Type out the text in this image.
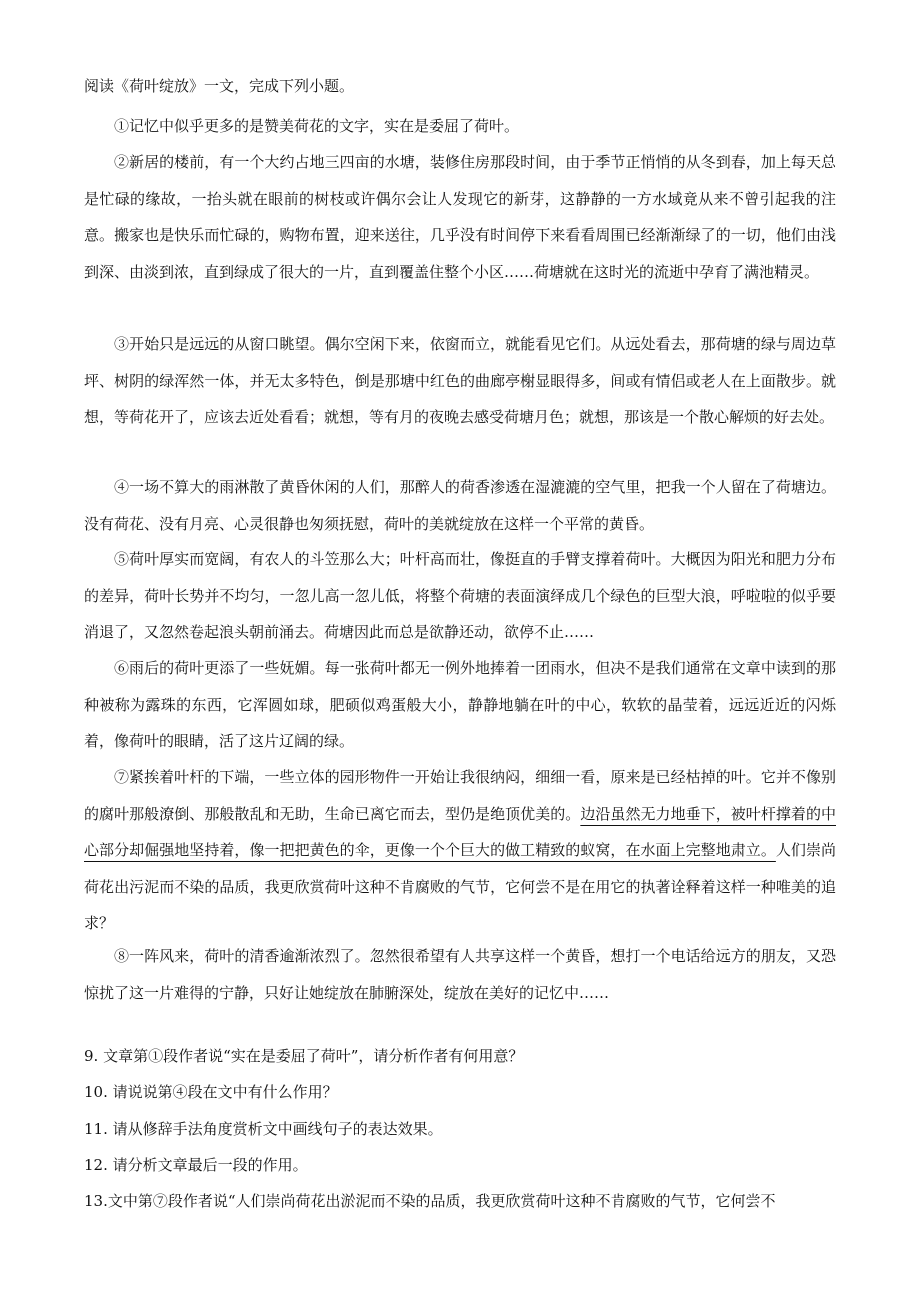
阅读《荷叶绽放》一文，完成下列小题。

①记忆中似乎更多的是赞美荷花的文字，实在是委屈了荷叶。

②新居的楼前，有一个大约占地三四亩的水塘，装修住房那段时间，由于季节正悄悄的从冬到春，加上每天总是忙碌的缘故，一抬头就在眼前的树枝或许偶尔会让人发现它的新芽，这静静的一方水域竟从来不曾引起我的注意。搬家也是快乐而忙碌的，购物布置，迎来送往，几乎没有时间停下来看看周围已经渐渐绿了的一切，他们由浅到深、由淡到浓，直到绿成了很大的一片，直到覆盖住整个小区……荷塘就在这时光的流逝中孕育了满池精灵。

③开始只是远远的从窗口眺望。偶尔空闲下来，依窗而立，就能看见它们。从远处看去，那荷塘的绿与周边草坪、树阴的绿浑然一体，并无太多特色，倒是那塘中红色的曲廊亭榭显眼得多，间或有情侣或老人在上面散步。就想，等荷花开了，应该去近处看看；就想，等有月的夜晚去感受荷塘月色；就想，那该是一个散心解烦的好去处。

④一场不算大的雨淋散了黄昏休闲的人们，那醉人的荷香渗透在湿漉漉的空气里，把我一个人留在了荷塘边。没有荷花、没有月亮、心灵很静也匆须抚慰，荷叶的美就绽放在这样一个平常的黄昏。

⑤荷叶厚实而宽阔，有农人的斗笠那么大；叶杆高而壮，像挺直的手臂支撑着荷叶。大概因为阳光和肥力分布的差异，荷叶长势并不均匀，一忽儿高一忽儿低，将整个荷塘的表面演绎成几个绿色的巨型大浪，呼啦啦的似乎要消退了，又忽然卷起浪头朝前涌去。荷塘因此而总是欲静还动，欲停不止……

⑥雨后的荷叶更添了一些妩媚。每一张荷叶都无一例外地捧着一团雨水，但决不是我们通常在文章中读到的那种被称为露珠的东西，它浑圆如球，肥硕似鸡蛋般大小，静静地躺在叶的中心，软软的晶莹着，远远近近的闪烁着，像荷叶的眼睛，活了这片辽阔的绿。

⑦紧挨着叶杆的下端，一些立体的园形物件一开始让我很纳闷，细细一看，原来是已经枯掉的叶。它并不像别的腐叶那般潦倒、那般散乱和无助，生命已离它而去，型仍是绝顶优美的。边沿虽然无力地垂下，被叶杆撑着的中心部分却倔强地坚持着，像一把把黄色的伞，更像一个个巨大的做工精致的蚁窝，在水面上完整地肃立。人们崇尚荷花出污泥而不染的品质，我更欣赏荷叶这种不肯腐败的气节，它何尝不是在用它的执著诠释着这样一种唯美的追求？

⑧一阵风来，荷叶的清香逾渐浓烈了。忽然很希望有人共享这样一个黄昏，想打一个电话给远方的朋友，又恐惊扰了这一片难得的宁静，只好让她绽放在肺腑深处，绽放在美好的记忆中……

9. 文章第①段作者说“实在是委屈了荷叶”，请分析作者有何用意？

10. 请说说第④段在文中有什么作用？

11. 请从修辞手法角度赏析文中画线句子的表达效果。

12. 请分析文章最后一段的作用。

13.文中第⑦段作者说“人们崇尚荷花出淤泥而不染的品质，我更欣赏荷叶这种不肯腐败的气节，它何尝不
